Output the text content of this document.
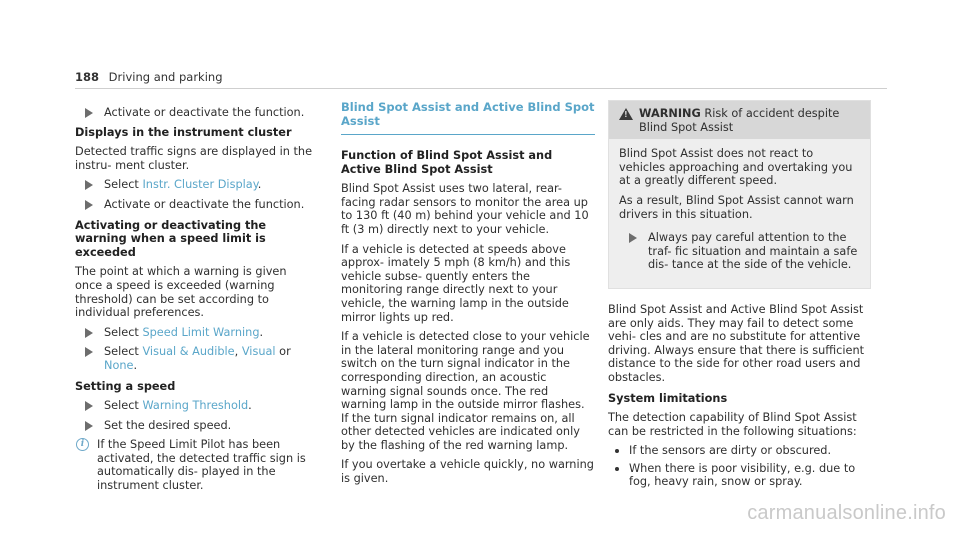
188 Driving and parking
Activate or deactivate the function.

Displays in the instrument cluster

Detected traffic signs are displayed in the instru- ment cluster.

Select Instr. Cluster Display.
Activate or deactivate the function.

Activating or deactivating the warning when a speed limit is exceeded

The point at which a warning is given once a speed is exceeded (warning threshold) can be set according to individual preferences.

Select Speed Limit Warning.
Select Visual & Audible, Visual or None.

Setting a speed

Select Warning Threshold.
Set the desired speed.
i	If the Speed Limit Pilot has been activated, the detected traffic sign is automatically dis- played in the instrument cluster.
Blind Spot Assist and Active Blind Spot Assist

Function of Blind Spot Assist and Active Blind Spot Assist

Blind Spot Assist uses two lateral, rear-facing radar sensors to monitor the area up to 130 ft (40 m) behind your vehicle and 10 ft (3 m) directly next to your vehicle.

If a vehicle is detected at speeds above approx- imately 5 mph (8 km/h) and this vehicle subse- quently enters the monitoring range directly next to your vehicle, the warning lamp in the outside mirror lights up red.

If a vehicle is detected close to your vehicle in the lateral monitoring range and you switch on the turn signal indicator in the corresponding direction, an acoustic warning signal sounds once. The red warning lamp in the outside mirror flashes. If the turn signal indicator remains on, all other detected vehicles are indicated only by the flashing of the red warning lamp.

If you overtake a vehicle quickly, no warning is given.

!
WARNING Risk of accident despite Blind Spot Assist

Blind Spot Assist does not react to vehicles approaching and overtaking you at a greatly different speed.

As a result, Blind Spot Assist cannot warn drivers in this situation.

Always pay careful attention to the traf- fic situation and maintain a safe dis- tance at the side of the vehicle.

Blind Spot Assist and Active Blind Spot Assist are only aids. They may fail to detect some vehi- cles and are no substitute for attentive driving. Always ensure that there is sufficient distance to the side for other road users and obstacles.

System limitations

The detection capability of Blind Spot Assist can be restricted in the following situations:

If the sensors are dirty or obscured.
When there is poor visibility, e.g. due to fog, heavy rain, snow or spray.
carmanualsonline.info
